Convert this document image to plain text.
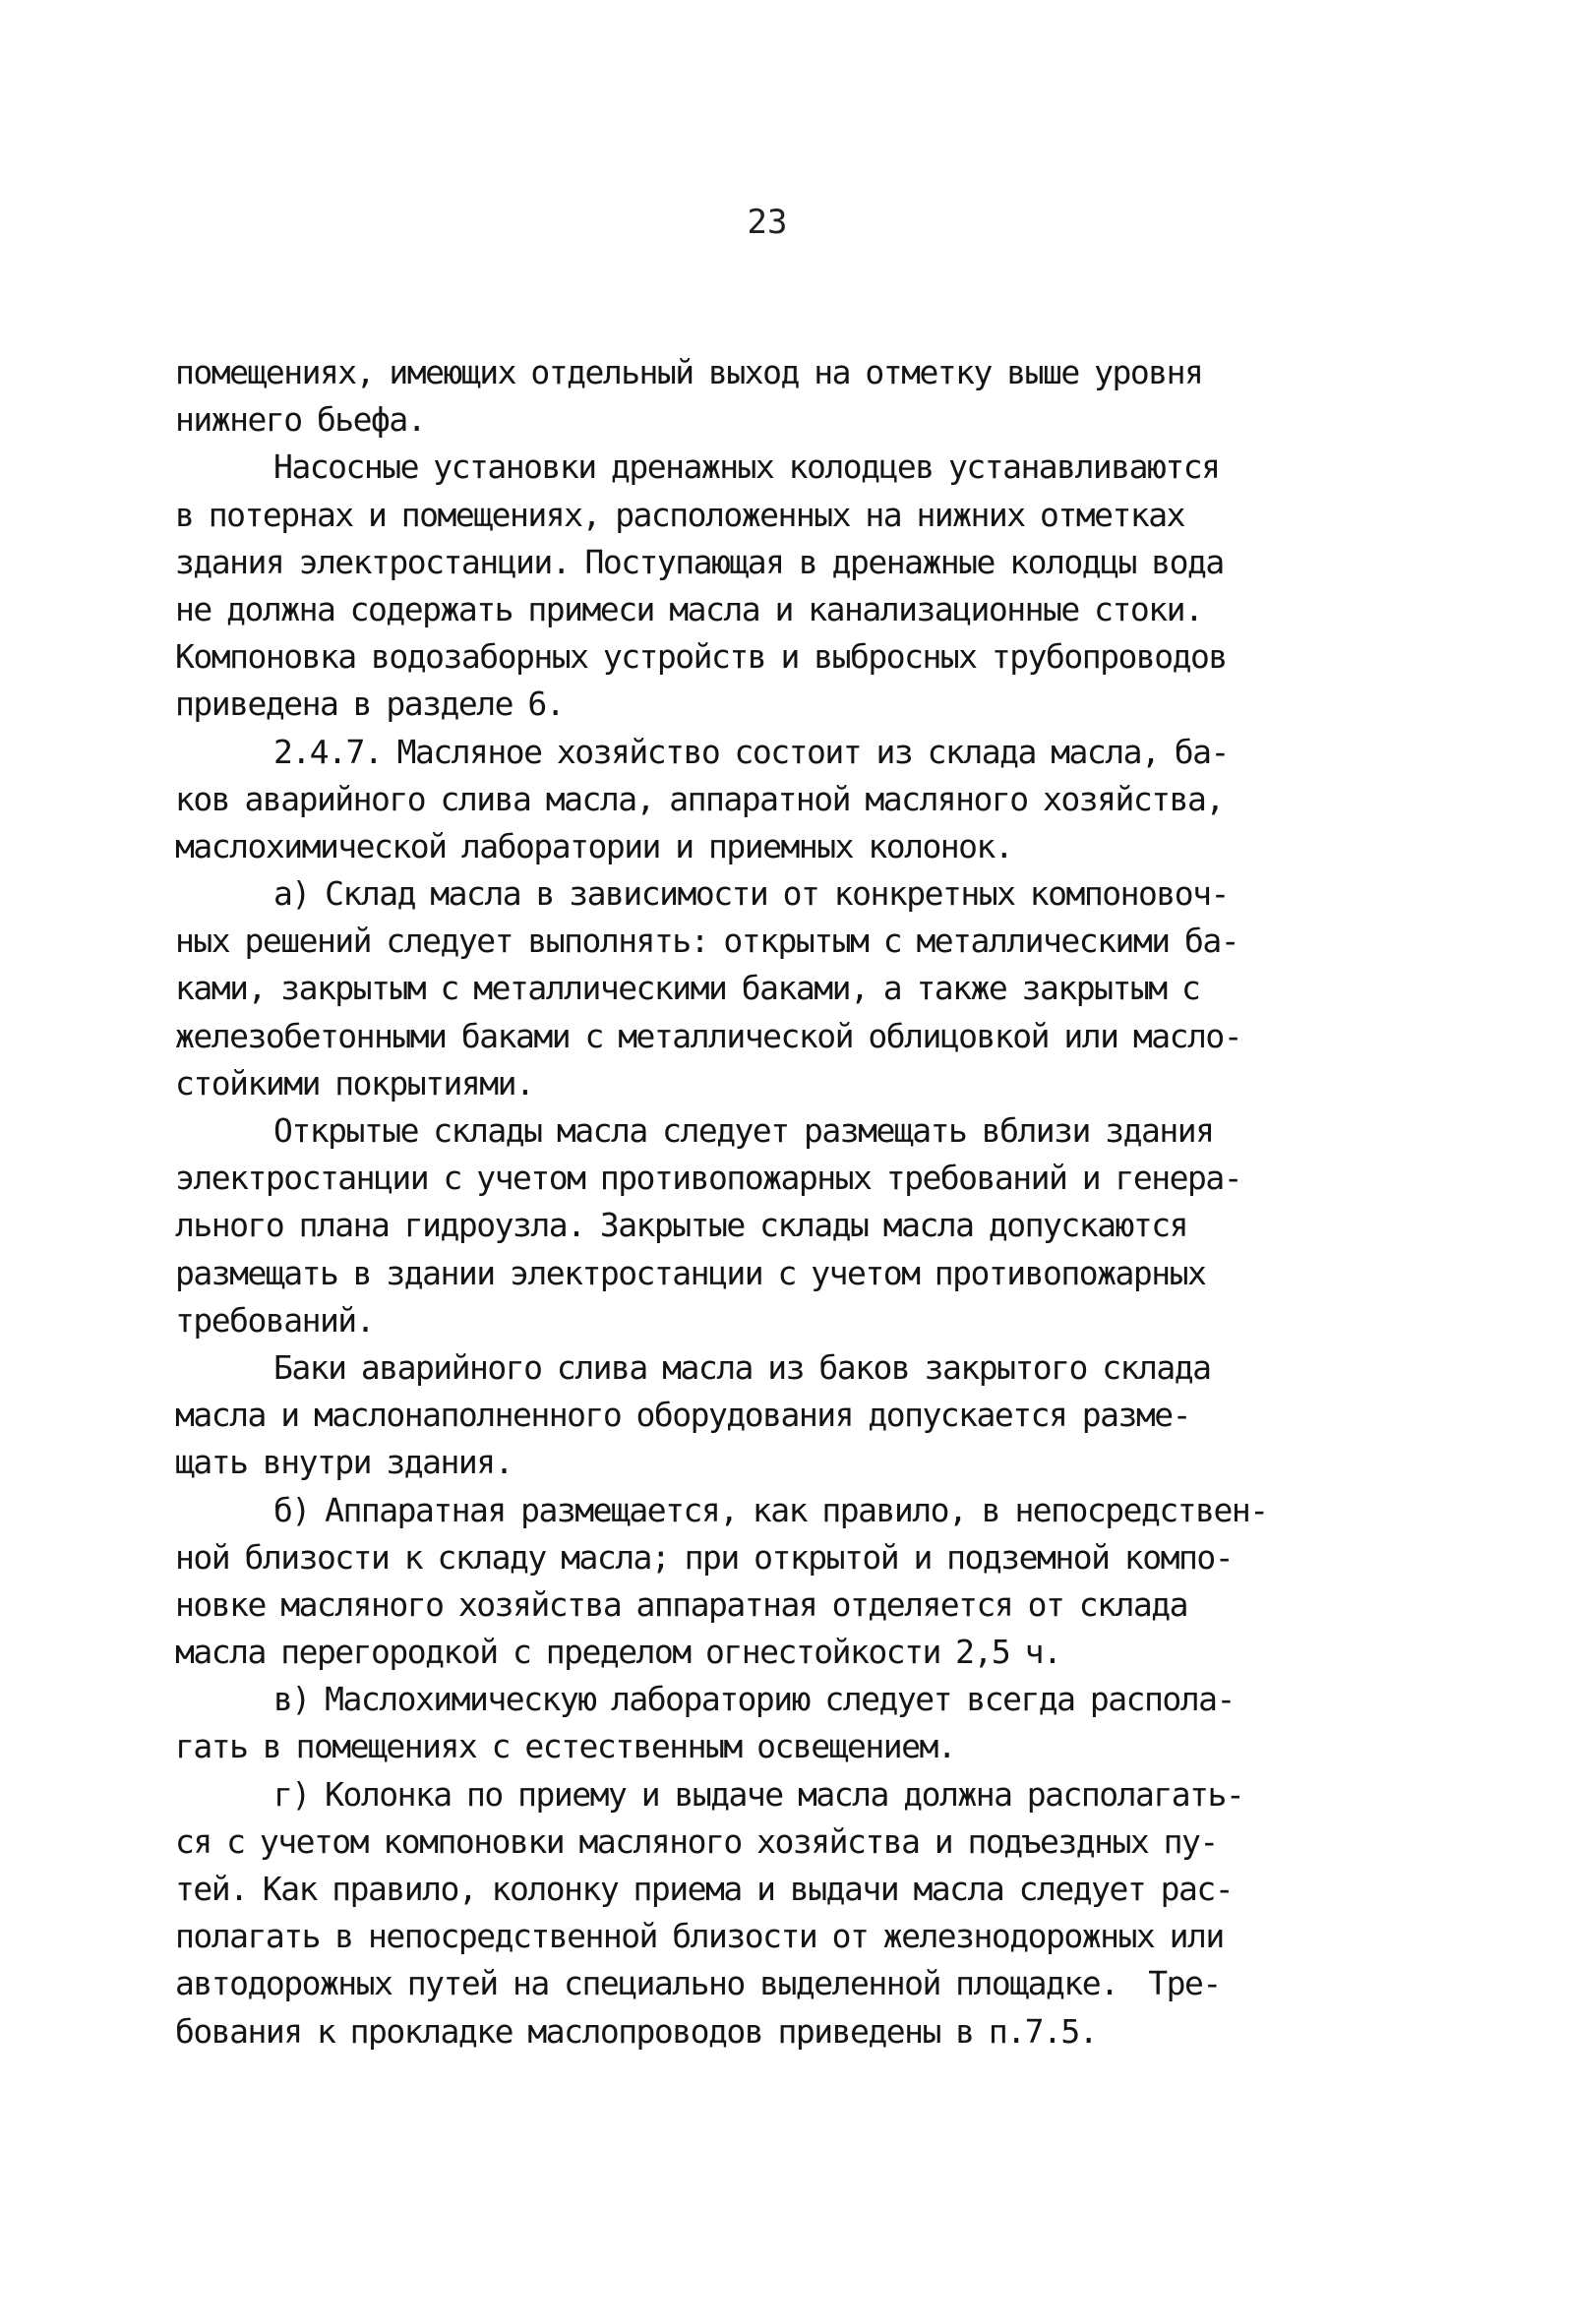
23
помещениях, имеющих отдельный выход на отметку выше уровня
нижнего бьефа.
Насосные установки дренажных колодцев устанавливаются
в потернах и помещениях, расположенных на нижних отметках
здания электростанции. Поступающая в дренажные колодцы вода
не должна содержать примеси масла и канализационные стоки.
Компоновка водозаборных устройств и выбросных трубопроводов
приведена в разделе 6.
2.4.7. Масляное хозяйство состоит из склада масла, ба-
ков аварийного слива масла, аппаратной масляного хозяйства,
маслохимической лаборатории и приемных колонок.
а) Склад масла в зависимости от конкретных компоновоч-
ных решений следует выполнять: открытым с металлическими ба-
ками, закрытым с металлическими баками, а также закрытым с
железобетонными баками с металлической облицовкой или масло-
стойкими покрытиями.
Открытые склады масла следует размещать вблизи здания
электростанции с учетом противопожарных требований и генера-
льного плана гидроузла. Закрытые склады масла допускаются
размещать в здании электростанции с учетом противопожарных
требований.
Баки аварийного слива масла из баков закрытого склада
масла и маслонаполненного оборудования допускается разме-
щать внутри здания.
б) Аппаратная размещается, как правило, в непосредствен-
ной близости к складу масла; при открытой и подземной компо-
новке масляного хозяйства аппаратная отделяется от склада
масла перегородкой с пределом огнестойкости 2,5 ч.
в) Маслохимическую лабораторию следует всегда распола-
гать в помещениях с естественным освещением.
г) Колонка по приему и выдаче масла должна располагать-
ся с учетом компоновки масляного хозяйства и подъездных пу-
тей. Как правило, колонку приема и выдачи масла следует рас-
полагать в непосредственной близости от железнодорожных или
автодорожных путей на специально выделенной площадке.  Тре-
бования к прокладке маслопроводов приведены в п.7.5.
